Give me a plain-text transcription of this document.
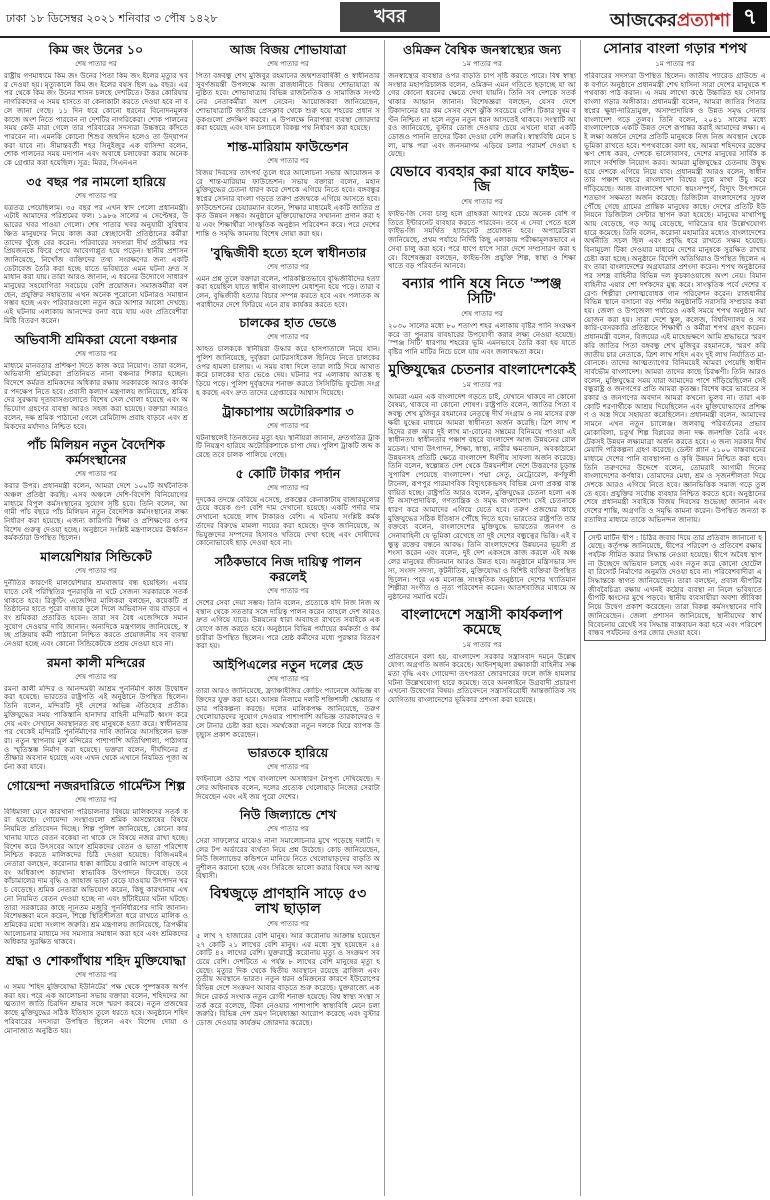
ঢাকা ১৮ ডিসেম্বর ২০২১ শনিবার ৩ পৌষ ১৪২৮	খবর	আজকেরপ্রত্যাশা ৭
কিম জং উনের ১০
শেষ পাতার পর

রাষ্ট্রীয় গণমাধ্যমে কিম জং উনের পিতা কিম জং ইলের মৃত্যুর খবর দেওয়া হয়। মৃত্যুকালে কিম জং ইলের বয়স ছিল ৬৯ বছর। এরপর থেকে কিম জং উনের শাসন চলছে দেশটিতে। উত্তর কোরিয়ার নাগরিকদের এ সময় হাসতে বা কেনাকাটা করতে দেওয়া হবে না বলে জানা গেছে। ১১ দিন ধরে কোনো ধরনের বিনোদনমূলক কাজে অংশ নিতে পারবেন না দেশটির নাগরিকেরা। শোক পালনের সময় কেউ মারা গেলে তার পরিবারের সদস্যরা উচ্চস্বরে কাঁদতে পারবেন না। এমনকি কোনো শিশুর জন্মদিন হলেও তা উদ্‌যাপন করা যাবে না। সীমান্তবর্তী শহর সিনুইজুর এক বাসিন্দা বলেন, শোক পালনের সময় মদ্যপান এবং অবাধে চলাফেরা করায় অনেককে গ্রেপ্তার করা হয়েছিল। সূত্র: মিরর, সিএনএন

৩৫ বছর পর নামলো হারিয়ে
শেষ পাতার পর

যত্রতত্র পেয়েছিলাম। ৩৫ বছর পর এখন স্বাদ পেলো প্রধানমন্ত্রী। এটাই আমাদের পরিশ্রমের ফল। ১৯৮৬ সালের এ সেপ্টেম্বর, উদ্ধারের খবর পাওয়া গেলো। শেষ পাতার খবর অনুযায়ী সুবিধাবঞ্চিত মানুষদের নিয়ে কাজ করা স্বেচ্ছাসেবী প্রতিষ্ঠানের কর্মীরা তাদের খুঁজে বের করেন। পরিবারের সদস্যরা দীর্ঘ প্রতীক্ষার পর প্রিয়জনকে ফিরে পেয়ে আবেগাপ্লুত হয়ে পড়েন। স্থানীয় প্রশাসন জানিয়েছে, নিখোঁজ ব্যক্তিদের তথ্য সংরক্ষণের জন্য একটি ডেটাবেজ তৈরি করা হচ্ছে যাতে ভবিষ্যতে এমন ঘটনা দ্রুত সমাধান করা যায়। তারা আরও জানান, এ ধরনের উদ্যোগে সাধারণ মানুষের সহযোগিতা সবচেয়ে বেশি প্রয়োজন। সমাজকর্মীরা বলছেন, প্রযুক্তির সহায়তায় এখন অনেক পুরোনো ঘটনারও সমাধান সম্ভব হচ্ছে এবং পরিবারগুলো নতুন করে আশার আলো দেখছে। এই ঘটনায় এলাকায় আনন্দের বন্যা বয়ে যায় এবং প্রতিবেশীরা মিষ্টি বিতরণ করেন।

অভিবাসী শ্রমিকরা যেনো বঞ্চনার
শেষ পাতার পর

মাধ্যমে মানবতার প্রশিক্ষণ দিতে কাজ করে নিয়োগ। তারা বলেন, অভিবাসী শ্রমিকেরা প্রতিনিয়ত নানা বঞ্চনার শিকার হচ্ছেন। বিদেশে কর্মরত শ্রমিকদের অধিকার রক্ষায় সরকারকে আরও কার্যকর পদক্ষেপ নিতে হবে। প্রবাসী কল্যাণ মন্ত্রণালয় জানিয়েছে, শ্রমিকদের সুরক্ষায় দূতাবাসগুলোতে বিশেষ সেল খোলা হয়েছে এবং অভিযোগ গ্রহণের ব্যবস্থা আরও সহজ করা হয়েছে। বক্তারা আরও বলেন, দক্ষ শ্রমিক পাঠানো গেলে রেমিট্যান্স প্রবাহ বাড়বে এবং শ্রমিকদের মর্যাদাও নিশ্চিত হবে।

পাঁচ মিলিয়ন নতুন বৈদেশিক কর্মসংস্থানের
শেষ পাতার পর

করার উপর। প্রধানমন্ত্রী বলেন, আমরা দেশে ১০০টি অর্থনৈতিক অঞ্চল প্রতিষ্ঠা করছি। এসব অঞ্চলে দেশি-বিদেশি বিনিয়োগের মাধ্যমে বিপুল কর্মসংস্থানের সুযোগ সৃষ্টি হবে। তিনি বলেন, আগামী পাঁচ বছরে পাঁচ মিলিয়ন নতুন বৈদেশিক কর্মসংস্থানের লক্ষ্য নির্ধারণ করা হয়েছে। এজন্য কারিগরি শিক্ষা ও প্রশিক্ষণের ওপর বিশেষ গুরুত্ব দেওয়া হচ্ছে। অনুষ্ঠানে সংশ্লিষ্ট মন্ত্রণালয়ের ঊর্ধ্বতন কর্মকর্তারা উপস্থিত ছিলেন।

মালয়েশিয়ার সিন্ডিকেট
শেষ পাতার পর

দুর্নীতির কারণেই মালয়েশিয়ার শ্রমবাজার বন্ধ হয়েছিল। এবার যাতে সেই পরিস্থিতির পুনরাবৃত্তি না ঘটে সেজন্য সরকারকে সতর্ক থাকতে হবে। রিক্রুটিং এজেন্সির মালিকরা বলছেন, কয়েকটি প্রতিষ্ঠানের হাতে পুরো বাজার তুলে দিলে অভিবাসন ব্যয় বাড়বে এবং শ্রমিকরা প্রতারিত হবেন। তারা সব বৈধ এজেন্সিকে সমান সুযোগ দেওয়ার দাবি জানান। অন্যদিকে মন্ত্রণালয় জানিয়েছে, স্বচ্ছ প্রক্রিয়ায় কর্মী পাঠানো নিশ্চিত করতে প্রয়োজনীয় সব ব্যবস্থা নেওয়া হচ্ছে এবং কোনো সিন্ডিকেটকে প্রশ্রয় দেওয়া হবে না।

রমনা কালী মন্দিরের
শেষ পাতার পর

রমনা কালী মন্দির ও আনন্দময়ী আশ্রম পুনর্নির্মাণ কাজ উদ্বোধন করা হয়েছে। ভারতের রাষ্ট্রপতি এই অনুষ্ঠানে উপস্থিত ছিলেন। তিনি বলেন, মন্দিরটি দুই দেশের অভিন্ন ঐতিহ্যের প্রতীক। মুক্তিযুদ্ধের সময় পাকিস্তানি হানাদার বাহিনী মন্দিরটি ধ্বংস করে দেয় এবং সেখানে অবস্থানরত বহু মানুষকে হত্যা করে। স্বাধীনতার পর থেকেই মন্দিরটি পুনর্নির্মাণের দাবি জানিয়ে আসছিলেন ভক্তরা। নতুন স্থাপনায় মূল মন্দিরের পাশাপাশি অতিথিশালা, পাঠাগার ও স্মৃতিস্তম্ভ নির্মাণ করা হয়েছে। ভক্তরা বলেন, দীর্ঘদিনের প্রতীক্ষার অবসান হয়েছে এবং এখন থেকে এখানে নিয়মিত পূজা অর্চনা করা যাবে।

গোয়েন্দা নজরদারিতে গার্মেন্টস শিল্প
শেষ পাতার পর

বিধিমালা মেনে কারখানা পরিচালনার বিষয়ে মালিকদের সতর্ক করা হয়েছে। গোয়েন্দা সংস্থাগুলো শ্রমিক অসন্তোষের বিষয়ে নিয়মিত প্রতিবেদন দিচ্ছে। শিল্প পুলিশ জানিয়েছে, কোনো কারখানায় যাতে বেতন বকেয়া না থাকে সে বিষয়ে নজর রাখা হচ্ছে। বিশেষ করে উৎসবের আগে শ্রমিকদের বেতন ও ভাতা পরিশোধ নিশ্চিত করতে মালিকদের চিঠি দেওয়া হয়েছে। বিজিএমইএ নেতারা বলছেন, করোনার ধাক্কা কাটিয়ে রপ্তানি আদেশ বাড়ছে এবং অধিকাংশ কারখানা স্বাভাবিক উৎপাদনে ফিরেছে। তবে কাঁচামালের দাম বৃদ্ধি ও জাহাজ ভাড়া বেড়ে যাওয়ায় উৎপাদন খরচ বেড়েছে। শ্রমিক নেতারা অভিযোগ করেন, কিছু কারখানায় এখনো নিয়মিত বেতন দেওয়া হচ্ছে না এবং ছাঁটাইয়ের ঘটনা ঘটছে। তারা সরকারের কাছে ন্যূনতম মজুরি পুনর্নির্ধারণের দাবি জানান। বিশেষজ্ঞরা মনে করেন, শিল্পে স্থিতিশীলতা ধরে রাখতে মালিক ও শ্রমিকের মধ্যে সংলাপ জরুরি। শ্রম মন্ত্রণালয় জানিয়েছে, ত্রিপক্ষীয় আলোচনার মাধ্যমে সব সমস্যার সমাধান করা হবে এবং শ্রমিকদের অধিকার সুরক্ষিত থাকবে।

শ্রদ্ধা ও শোকগাঁথায় শহিদ মুক্তিযোদ্ধা
শেষ পাতার পর

এ সময় 'শহিদ মুক্তিযোদ্ধা ইউনিটের' পক্ষ থেকে পুষ্পস্তবক অর্পণ করা হয়। পরে এক আলোচনা সভায় বক্তারা বলেন, শহিদদের আত্মত্যাগ জাতি চিরদিন শ্রদ্ধার সঙ্গে স্মরণ করবে। নতুন প্রজন্মের কাছে মুক্তিযুদ্ধের সঠিক ইতিহাস তুলে ধরতে হবে। অনুষ্ঠানে শহিদ পরিবারের সদস্যরা উপস্থিত ছিলেন এবং বিশেষ দোয়া ও মোনাজাত অনুষ্ঠিত হয়।

আজ বিজয় শোভাযাত্রা
শেষ পাতার পর

পিতা বঙ্গবন্ধু শেখ মুজিবুর রহমানের জন্মশতবার্ষিকী ও স্বাধীনতার সুবর্ণজয়ন্তী উপলক্ষে আজ রাজধানীতে বিজয় শোভাযাত্রা অনুষ্ঠিত হবে। শোভাযাত্রায় বিভিন্ন রাজনৈতিক ও সামাজিক সংগঠনের নেতাকর্মীরা অংশ নেবেন। আয়োজকরা জানিয়েছেন, শোভাযাত্রাটি জাতীয় প্রেসক্লাব থেকে শুরু হয়ে শহরের প্রধান সড়কগুলো প্রদক্ষিণ করবে। এ উপলক্ষে নিরাপত্তা ব্যবস্থা জোরদার করা হয়েছে এবং যান চলাচলে বিকল্প পথ নির্ধারণ করা হয়েছে।

শান্ত-মারিয়াম ফাউন্ডেশন
শেষ পাতার পর

বিজয় দিবসের তাৎপর্য তুলে ধরে আলোচনা সভার আয়োজন করে শান্ত-মারিয়াম ফাউন্ডেশন। সভায় বক্তারা বলেন, মহান মুক্তিযুদ্ধের চেতনা ধারণ করে দেশকে এগিয়ে নিতে হবে। বঙ্গবন্ধুর স্বপ্নের সোনার বাংলা গড়তে তরুণ প্রজন্মকে এগিয়ে আসতে হবে। ফাউন্ডেশনের চেয়ারম্যান বলেন, শিক্ষার মাধ্যমেই একটি জাতির প্রকৃত উন্নয়ন সম্ভব। অনুষ্ঠানে মুক্তিযোদ্ধাদের সম্মাননা প্রদান করা হয় এবং শিক্ষার্থীরা সাংস্কৃতিক অনুষ্ঠান পরিবেশন করে। পরে দেশের শান্তি ও সমৃদ্ধি কামনায় বিশেষ দোয়া করা হয়।

'বুদ্ধিজীবী হত্যে হলে স্বাধীনতার
শেষ পাতার পর

এমন প্রশ্ন তুলে বক্তারা বলেন, পরিকল্পিতভাবে বুদ্ধিজীবীদের হত্যা করা হয়েছিল যাতে স্বাধীন বাংলাদেশ মেধাশূন্য হয়ে পড়ে। তারা বলেন, বুদ্ধিজীবী হত্যার বিচার সম্পন্ন করতে হবে এবং পলাতক অপরাধীদের দেশে ফিরিয়ে এনে রায় কার্যকর করতে হবে।

চালকের হাত ভেঙে
শেষ পাতার পর

আহত চালককে স্থানীয়রা উদ্ধার করে হাসপাতালে নিয়ে যান। পুলিশ জানিয়েছে, দুর্বৃত্তরা মোটরসাইকেল ছিনিয়ে নিতে চালকের ওপর হামলা চালায়। এ সময় বাধা দিলে তারা লাঠি দিয়ে আঘাত করে চালকের হাত ভেঙে দেয়। ঘটনার পর এলাকায় আতঙ্ক ছড়িয়ে পড়ে। পুলিশ দুর্বৃত্তদের শনাক্ত করতে সিসিটিভি ফুটেজ সংগ্রহ করছে এবং দ্রুত তাদের গ্রেপ্তারের আশ্বাস দিয়েছে।

ট্রাকচাপায় অটোরিকশার ৩
শেষ পাতার পর

ঘটনাস্থলেই তিনজনের মৃত্যু হয়। স্থানীয়রা জানান, দ্রুতগতির ট্রাকটি নিয়ন্ত্রণ হারিয়ে অটোরিকশাকে চাপা দেয়। পুলিশ ট্রাকটি জব্দ করেছে তবে চালক পালিয়ে গেছে।

৫ কোটি টাকার পর্দান
শেষ পাতার পর

দুদকের তদন্তে বেরিয়ে এসেছে, প্রকল্পের কেনাকাটায় বাজারমূল্যের চেয়ে কয়েক গুণ বেশি দাম দেখানো হয়েছে। একটি পর্দার দাম দেখানো হয়েছে লাখ টাকারও বেশি। এ ঘটনায় সংশ্লিষ্ট কর্মকর্তাদের বিরুদ্ধে মামলা দায়ের করা হয়েছে। দুদক জানিয়েছে, অভিযুক্তদের সম্পদের হিসাবও খতিয়ে দেখা হচ্ছে এবং দোষীদের কোনোভাবেই ছাড় দেওয়া হবে না।

সঠিকভাবে নিজ দায়িত্ব পালন করলেই
শেষ পাতার পর

দেশের সেবা দেয়া সম্ভব। তিনি বলেন, প্রত্যেকে যদি নিজ নিজ অবস্থান থেকে সততার সঙ্গে দায়িত্ব পালন করেন তাহলে দেশ আরও দ্রুত এগিয়ে যাবে। উন্নয়নের ধারা অব্যাহত রাখতে সবাইকে একযোগে কাজ করতে হবে। অনুষ্ঠানে বিভিন্ন পর্যায়ের কর্মকর্তা ও কর্মচারীরা উপস্থিত ছিলেন। পরে শ্রেষ্ঠ কর্মীদের মধ্যে পুরস্কার বিতরণ করা হয়।

আইপিএলের নতুন দলের হেড
শেষ পাতার পর

তারা আরও জানিয়েছে, ফ্র্যাঞ্চাইজির কোচিং প্যানেলে অভিজ্ঞ ব্যক্তিদের যুক্ত করা হবে। আসন্ন নিলামে দলটি শক্তিশালী স্কোয়াড গড়ার পরিকল্পনা করছে। দলের মালিকপক্ষ জানিয়েছে, তরুণ খেলোয়াড়দের সুযোগ দেওয়ার পাশাপাশি অভিজ্ঞ তারকাদেরও দলে টানার চেষ্টা করা হবে। সমর্থকেরা নতুন দলকে ঘিরে ব্যাপক উচ্ছ্বাস প্রকাশ করেছেন।

ভারতকে হারিয়ে
শেষ পাতার পর

ফাইনালে ওঠার পথে বাংলাদেশ অসাধারণ নৈপুণ্য দেখিয়েছে। দলের অধিনায়ক বলেন, দলের প্রত্যেক খেলোয়াড় নিজের সেরাটা দিয়েছেন এবং এই জয় পুরো দেশের।

নিউ জিল্যান্ডে শেখ
শেষ পাতার পর

সেরা সাফল্যের মাঝেও নানা সমালোচনার মুখে পড়েছে দলটি। দলের টপ অর্ডারের ব্যর্থতা নিয়ে প্রশ্ন উঠেছে। কোচ জানিয়েছেন, নিউ জিল্যান্ডের কন্ডিশনে মানিয়ে নিতে খেলোয়াড়দের বাড়তি অনুশীলন করানো হচ্ছে এবং সিরিজে ভালো করার বিষয়ে দল আত্মবিশ্বাসী।

বিশ্বজুড়ে প্রাণহানি সাড়ে ৫৩ লাখ ছাড়াল
শেষ পাতার পর

৫ লাখ ৭ হাজারের বেশি মানুষ। আর করোনায় আক্রান্ত হয়েছেন ২৭ কোটি ২১ লাখের বেশি মানুষ। এর মধ্যে সুস্থ হয়েছেন ২৪ কোটি ৪২ লাখের বেশি। যুক্তরাষ্ট্রে করোনায় মৃত্যু ও সংক্রমণ সবচেয়ে বেশি। দেশটিতে এ পর্যন্ত ৮ লাখের বেশি মানুষের মৃত্যু হয়েছে। মৃত্যুর দিক থেকে দ্বিতীয় অবস্থানে রয়েছে ব্রাজিল এবং তৃতীয় অবস্থানে ভারত। নতুন ধরন ওমিক্রনের কারণে ইউরোপের বিভিন্ন দেশে সংক্রমণ আবার বাড়তে শুরু করেছে। যুক্তরাজ্যে এক দিনে রেকর্ড সংখ্যক নতুন রোগী শনাক্ত হয়েছে। বিশ্ব স্বাস্থ্য সংস্থা সতর্ক করে বলেছে, টিকা নেওয়ার পাশাপাশি স্বাস্থ্যবিধি মেনে চলা জরুরি। বিভিন্ন দেশ ভ্রমণ নিষেধাজ্ঞা আরোপ করেছে এবং বুস্টার ডোজ দেওয়ার কার্যক্রম জোরদার করেছে।

ওমিক্রন বৈশ্বিক জনস্বাস্থ্যের জন্য
১ম পাতার পর

জনস্বাস্থ্যের ব্যবস্থার ওপর বাড়তি চাপ সৃষ্টি করতে পারে। বিশ্ব স্বাস্থ্য সংস্থার মহাপরিচালক বলেন, ওমিক্রন এমন গতিতে ছড়াচ্ছে যা আগের কোনো ধরনের ক্ষেত্রে দেখা যায়নি। তিনি সব দেশকে সতর্ক থাকার আহ্বান জানান। বিশেষজ্ঞরা বলছেন, যেসব দেশে টিকাদানের হার কম সেসব দেশে ঝুঁকি সবচেয়ে বেশি। টিকার সুষম বণ্টন নিশ্চিত না হলে নতুন নতুন ধরন আসতেই থাকবে। সংস্থাটি আরও জানিয়েছে, বুস্টার ডোজ দেওয়ার চেয়ে এখনো যারা একটি ডোজও পাননি তাদের টিকা দেওয়া বেশি জরুরি। স্বাস্থ্যবিধি মেনে চলা, মাস্ক পরা এবং জনসমাগম এড়িয়ে চলার পরামর্শ দেওয়া হয়েছে।

যেভাবে ব্যবহার করা যাবে ফাইভ-জি
শেষ পাতার পর

ফাইভ-জি সেবা চালু হলে গ্রাহকরা আগের চেয়ে অনেক বেশি গতিতে ইন্টারনেট ব্যবহার করতে পারবেন। তবে এ সেবা পেতে হলে ফাইভ-জি সমর্থিত হ্যান্ডসেট প্রয়োজন হবে। অপারেটররা জানিয়েছে, প্রথম পর্যায়ে নির্দিষ্ট কিছু এলাকায় পরীক্ষামূলকভাবে এ সেবা চালু করা হবে। পরে ধাপে ধাপে সারা দেশে সম্প্রসারণ করা হবে। বিশেষজ্ঞরা বলছেন, ফাইভ-জি প্রযুক্তি শিল্প, স্বাস্থ্য ও শিক্ষা খাতে বড় পরিবর্তন আনবে।

বন্যার পানি ষষে নিতে 'স্পঞ্জ সিটি'
শেষ পাতার পর

২০৩০ সালের মধ্যে ৮০ শতাংশ শহর এলাকায় বৃষ্টির পানি সংরক্ষণ করে তা পুনরায় ব্যবহারের উপযোগী করার লক্ষ্য নেওয়া হয়েছে। 'স্পঞ্জ সিটি' ধারণায় শহরের ভূমি এমনভাবে তৈরি করা হয় যাতে বৃষ্টির পানি মাটির নিচে চলে যায় এবং জলাবদ্ধতা কমে।

মুক্তিযুদ্ধের চেতনার বাংলাদেশকেই
১ম পাতার পর

আমরা এমন এক বাংলাদেশ গড়তে চাই, যেখানে থাকবে না কোনো বৈষম্য, থাকবে না কোনো শোষণ। রাষ্ট্রপতি বলেন, জাতির পিতা বঙ্গবন্ধু শেখ মুজিবুর রহমানের নেতৃত্বে দীর্ঘ সংগ্রাম ও নয় মাসের রক্তক্ষয়ী যুদ্ধের মাধ্যমে আমরা স্বাধীনতা অর্জন করেছি। ত্রিশ লাখ শহিদের রক্ত আর দুই লাখ মা-বোনের সম্ভ্রমের বিনিময়ে পাওয়া এই স্বাধীনতা। স্বাধীনতার পঞ্চাশ বছরে বাংলাদেশ আজ উন্নয়নের রোল মডেল। খাদ্য উৎপাদন, শিক্ষা, স্বাস্থ্য, নারীর ক্ষমতায়ন, অবকাঠামো উন্নয়নসহ প্রতিটি ক্ষেত্রে বাংলাদেশ ঈর্ষণীয় সাফল্য অর্জন করেছে। তিনি বলেন, স্বল্পোন্নত দেশ থেকে উন্নয়নশীল দেশে উত্তরণের চূড়ান্ত সুপারিশ পেয়েছে বাংলাদেশ। পদ্মা সেতু, মেট্রোরেল, কর্ণফুলী টানেল, রূপপুর পারমাণবিক বিদ্যুৎকেন্দ্রসহ বিভিন্ন মেগা প্রকল্প বাস্তবায়িত হচ্ছে। রাষ্ট্রপতি আরও বলেন, মুক্তিযুদ্ধের চেতনা হলো একটি অসাম্প্রদায়িক, গণতান্ত্রিক ও সমৃদ্ধ বাংলাদেশ। সেই চেতনাকে ধারণ করে আমাদের এগিয়ে যেতে হবে। তরুণ প্রজন্মের কাছে মুক্তিযুদ্ধের সঠিক ইতিহাস পৌঁছে দিতে হবে। ভারতের রাষ্ট্রপতি তার বক্তব্যে বলেন, বাংলাদেশের মুক্তিযুদ্ধে ভারতের জনগণ ও সেনাবাহিনী যে ভূমিকা রেখেছে তা দুই দেশের বন্ধুত্বের ভিত্তি। এই বন্ধুত্ব রক্তের বন্ধনে আবদ্ধ। তিনি বাংলাদেশের উন্নয়নের ভূয়সী প্রশংসা করেন এবং বলেন, দুই দেশ একসঙ্গে কাজ করলে এই অঞ্চলের মানুষের জীবনমান আরও উন্নত হবে। অনুষ্ঠানে মন্ত্রিসভার সদস্য, সংসদ সদস্য, কূটনীতিক, মুক্তিযোদ্ধা ও বিশিষ্ট ব্যক্তিরা উপস্থিত ছিলেন। পরে এক মনোজ্ঞ সাংস্কৃতিক অনুষ্ঠানে দেশের খ্যাতিমান শিল্পীরা সংগীত ও নৃত্য পরিবেশন করেন। আতশবাজির মাধ্যমে অনুষ্ঠানের সমাপ্তি ঘটে।

বাংলাদেশে সন্ত্রাসী কার্যকলাপ কমেছে
১ম পাতার পর

প্রতিবেদনে বলা হয়, বাংলাদেশ সরকার সন্ত্রাসবাদ দমনে উল্লেখযোগ্য অগ্রগতি অর্জন করেছে। আইনশৃঙ্খলা রক্ষাকারী বাহিনীর সক্ষমতা বৃদ্ধি এবং গোয়েন্দা তৎপরতা জোরদারের ফলে জঙ্গি হামলার ঘটনা উল্লেখযোগ্য হারে কমেছে। তবে অনলাইনে উগ্রবাদী প্রচারণা এখনো উদ্বেগের বিষয়। প্রতিবেদনে সন্ত্রাসবিরোধী আন্তর্জাতিক সহযোগিতায় বাংলাদেশের ভূমিকার প্রশংসা করা হয়েছে।

সোনার বাংলা গড়ার শপথ
১ম পাতার পর

পরিবারের সদস্যরা উপস্থিত ছিলেন। জাতীয় প্যারেড গ্রাউন্ডে এক বর্ণাঢ্য অনুষ্ঠানে প্রধানমন্ত্রী শেখ হাসিনা সারা দেশের মানুষকে শপথবাক্য পাঠ করান। এ সময় লাখো কণ্ঠে উচ্চারিত হয় সোনার বাংলা গড়ার অঙ্গীকার। প্রধানমন্ত্রী বলেন, আমরা জাতির পিতার স্বপ্নের ক্ষুধা-দারিদ্র্যমুক্ত, অসাম্প্রদায়িক ও উন্নত সমৃদ্ধ সোনার বাংলাদেশ গড়ে তুলব। তিনি বলেন, ২০৪১ সালের মধ্যে বাংলাদেশকে একটি উন্নত দেশে রূপান্তর করাই আমাদের লক্ষ্য। এই লক্ষ্য অর্জনে দেশের প্রতিটি মানুষকে নিজ নিজ অবস্থান থেকে ভূমিকা রাখতে হবে। শপথবাক্যে বলা হয়, আমরা শহিদদের রক্তের ঋণ শোধ করব, দেশকে ভালোবাসব, দেশের মানুষের সার্বিক কল্যাণে সর্বশক্তি নিয়োগ করব। আমরা মুক্তিযুদ্ধের চেতনায় উদ্বুদ্ধ হয়ে দেশকে এগিয়ে নিয়ে যাব। প্রধানমন্ত্রী আরও বলেন, স্বাধীনতার পঞ্চাশ বছরে বাংলাদেশ বিশ্বের বুকে মাথা উঁচু করে দাঁড়িয়েছে। আজ বাংলাদেশ খাদ্যে স্বয়ংসম্পূর্ণ, বিদ্যুৎ উৎপাদনে শতভাগ সক্ষমতা অর্জন করেছে। ডিজিটাল বাংলাদেশের সুফল পৌঁছে গেছে গ্রামের প্রান্তিক মানুষের কাছে। দেশের প্রতিটি ইউনিয়নে ডিজিটাল সেন্টার স্থাপন করা হয়েছে। মানুষের মাথাপিছু আয় বেড়েছে, গড় আয়ু বেড়েছে, দারিদ্র্যের হার উল্লেখযোগ্য হারে কমেছে। তিনি বলেন, করোনা মহামারির মধ্যেও বাংলাদেশের অর্থনীতি সচল ছিল এবং প্রবৃদ্ধি ধরে রাখতে সক্ষম হয়েছে। বিনামূল্যে টিকা দেওয়ার মাধ্যমে দেশের মানুষকে সুরক্ষিত রাখার চেষ্টা করা হচ্ছে। অনুষ্ঠানে বিদেশি অতিথিরাও উপস্থিত ছিলেন এবং তারা বাংলাদেশের অগ্রযাত্রার প্রশংসা করেন। শপথ অনুষ্ঠানের পর সশস্ত্র বাহিনীর বিভিন্ন দল কুচকাওয়াজে অংশ নেয়। বিমান বাহিনীর এয়ার শো দর্শকদের মুগ্ধ করে। সাংস্কৃতিক পর্বে দেশের বরেণ্য শিল্পীরা দেশাত্মবোধক গান পরিবেশন করেন। রাজধানীর বিভিন্ন স্থানে বসানো বড় পর্দায় অনুষ্ঠানটি সরাসরি সম্প্রচার করা হয়। জেলা ও উপজেলা পর্যায়েও একই সময়ে শপথ অনুষ্ঠান আয়োজন করা হয়। সারা দেশে স্কুল, কলেজ, বিশ্ববিদ্যালয় ও সরকারি-বেসরকারি প্রতিষ্ঠানে শিক্ষার্থী ও কর্মীরা শপথ গ্রহণ করেন। প্রধানমন্ত্রী বলেন, বিজয়ের এই মাহেন্দ্রক্ষণে আমি শ্রদ্ধাভরে স্মরণ করি জাতির পিতা বঙ্গবন্ধু শেখ মুজিবুর রহমানকে, স্মরণ করি জাতীয় চার নেতাকে, ত্রিশ লাখ শহিদ এবং দুই লাখ নির্যাতিত মা-বোনকে। তাদের আত্মত্যাগের বিনিময়েই আমরা পেয়েছি স্বাধীন সার্বভৌম বাংলাদেশ। আমরা তাদের কাছে চিরঋণী। তিনি আরও বলেন, মুক্তিযুদ্ধের সময় যারা আমাদের পাশে দাঁড়িয়েছিলেন সেই বন্ধুরাষ্ট্র ও জনগণের প্রতি আমরা কৃতজ্ঞ। বিশেষ করে ভারতের সরকার ও জনগণের অবদান আমরা কখনো ভুলব না। তারা এক কোটি শরণার্থীকে আশ্রয় দিয়েছিলেন এবং মুক্তিযোদ্ধাদের প্রশিক্ষণ ও অস্ত্র দিয়ে সহায়তা করেছিলেন। প্রধানমন্ত্রী বলেন, আমাদের সামনে এখন নতুন চ্যালেঞ্জ। জলবায়ু পরিবর্তনের প্রভাব মোকাবিলা, চতুর্থ শিল্প বিপ্লবের জন্য দক্ষ জনশক্তি তৈরি এবং টেকসই উন্নয়ন লক্ষ্যমাত্রা অর্জন করতে হবে। এ জন্য সরকার দীর্ঘমেয়াদি পরিকল্পনা গ্রহণ করেছে। ডেল্টা প্ল্যান ২১০০ বাস্তবায়নের মাধ্যমে দেশের পানি ব্যবস্থাপনা ও কৃষি উন্নয়ন নিশ্চিত করা হবে। তিনি তরুণদের উদ্দেশে বলেন, তোমরাই আগামী দিনের বাংলাদেশের কর্ণধার। তোমাদের মেধা, শ্রম ও সৃজনশীলতা দিয়ে দেশকে আরও এগিয়ে নিতে হবে। জ্ঞানভিত্তিক সমাজ গড়ে তুলতে হবে। প্রযুক্তির সর্বোচ্চ ব্যবহার নিশ্চিত করতে হবে। অনুষ্ঠানের শেষে প্রধানমন্ত্রী সবাইকে বিজয় দিবসের শুভেচ্ছা জানান এবং দেশের শান্তি, অগ্রগতি ও সমৃদ্ধি কামনা করেন। উপস্থিত জনতা করতালির মাধ্যমে তাকে অভিনন্দন জানায়।

সেন্ট মার্টিন দ্বীপ : চিঠির জবাব দিয়ে তার প্রতিবাদ জানানো হয়েছে। কর্তৃপক্ষ জানিয়েছে, দ্বীপের পরিবেশ ও প্রতিবেশ রক্ষায় পর্যটক সীমিত করার সিদ্ধান্ত নেওয়া হয়েছে। দ্বীপে অবৈধ স্থাপনা উচ্ছেদে অভিযান চলছে এবং নতুন করে কোনো হোটেল বা রিসোর্ট নির্মাণের অনুমতি দেওয়া হবে না। পরিবেশবাদীরা এ সিদ্ধান্তকে স্বাগত জানিয়েছেন। তারা বলছেন, প্রবাল দ্বীপটির জীববৈচিত্র্য রক্ষায় এখনই কঠোর ব্যবস্থা না নিলে ভবিষ্যতে দ্বীপটি ধ্বংসের মুখে পড়বে। স্থানীয় ব্যবসায়ীরা অবশ্য জীবিকা নিয়ে উদ্বেগ প্রকাশ করেছেন। তারা বিকল্প কর্মসংস্থানের দাবি জানিয়েছেন। জেলা প্রশাসন জানিয়েছে, স্থানীয়দের স্বার্থ বিবেচনায় রেখেই সব সিদ্ধান্ত বাস্তবায়ন করা হবে এবং পরিবেশবান্ধব পর্যটনের ওপর জোর দেওয়া হবে।
